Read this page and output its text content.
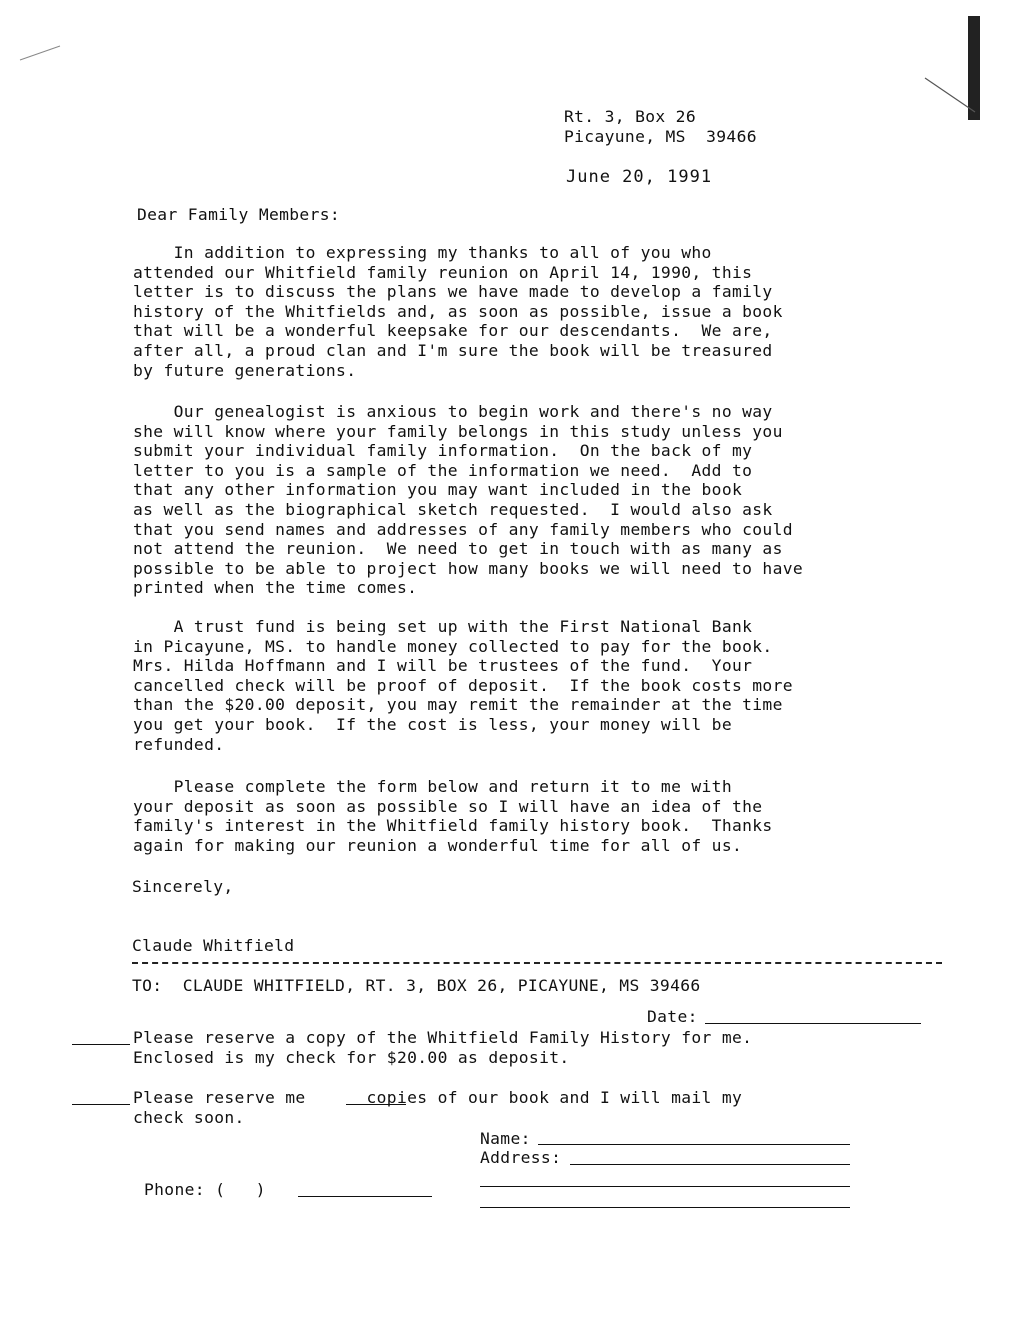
Rt. 3, Box 26
Picayune, MS  39466
June 20, 1991
Dear Family Members:
In addition to expressing my thanks to all of you who
attended our Whitfield family reunion on April 14, 1990, this
letter is to discuss the plans we have made to develop a family
history of the Whitfields and, as soon as possible, issue a book
that will be a wonderful keepsake for our descendants.  We are,
after all, a proud clan and I'm sure the book will be treasured
by future generations.
Our genealogist is anxious to begin work and there's no way
she will know where your family belongs in this study unless you
submit your individual family information.  On the back of my
letter to you is a sample of the information we need.  Add to
that any other information you may want included in the book
as well as the biographical sketch requested.  I would also ask
that you send names and addresses of any family members who could
not attend the reunion.  We need to get in touch with as many as
possible to be able to project how many books we will need to have
printed when the time comes.
A trust fund is being set up with the First National Bank
in Picayune, MS. to handle money collected to pay for the book.
Mrs. Hilda Hoffmann and I will be trustees of the fund.  Your
cancelled check will be proof of deposit.  If the book costs more
than the $20.00 deposit, you may remit the remainder at the time
you get your book.  If the cost is less, your money will be
refunded.
Please complete the form below and return it to me with
your deposit as soon as possible so I will have an idea of the
family's interest in the Whitfield family history book.  Thanks
again for making our reunion a wonderful time for all of us.
Sincerely,
Claude Whitfield
TO:  CLAUDE WHITFIELD, RT. 3, BOX 26, PICAYUNE, MS 39466
Date:
Please reserve a copy of the Whitfield Family History for me.
Enclosed is my check for $20.00 as deposit.
Please reserve me      copies of our book and I will mail my
check soon.
Name:
Address:
Phone: (   )
